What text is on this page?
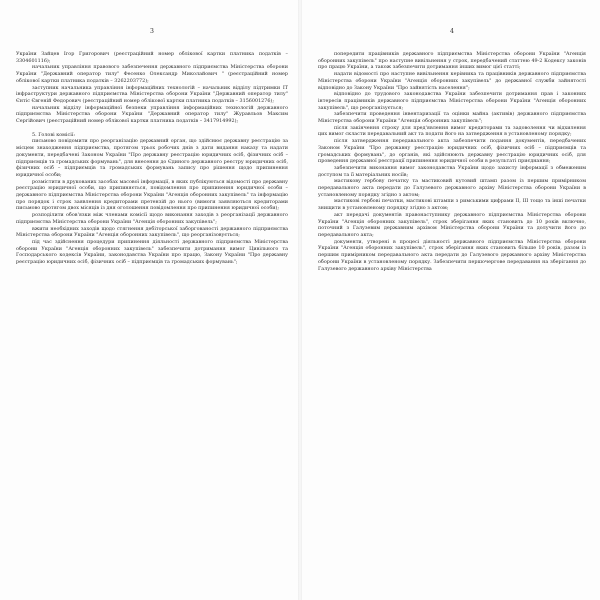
3

України Зайцев Ігор Григорович (реєстраційний номер облікової картки платника податків – 3304601116);

начальник управління правового забезпечення державного підприємства Міністерства оборони України "Державний оператор тилу" Фесенко Олександр Миколайович " (реєстраційний номер облікової картки платника податків – 3262203772);

заступник начальника управління інформаційних технологій – начальник відділу підтримки ІТ інфраструктури державного підприємства Міністерства оборони України "Державний оператор тилу" Єнтіс Євгеній Федорович (реєстраційний номер облікової картки платника податків – 3156001276);

начальник відділу інформаційної безпеки управління інформаційних технологій державного підприємства Міністерства оборони України "Державний оператор тилу" Журавльов Максим Сергійович (реєстраційний номер облікової картки платника податків – 3417914992);

5. Голові комісії:

письмово повідомити про реорганізацію державний орган, що здійснює державну реєстрацію за місцем знаходження підприємства, протягом трьох робочих днів з дати видання наказу та надати документи, передбачені Законом України "Про державну реєстрацію юридичних осіб, фізичних осіб – підприємців та громадських формувань", для внесення до Єдиного державного реєстру юридичних осіб, фізичних осіб – підприємців та громадських формувань запису про рішення щодо припинення юридичної особи;

розмістити в друкованих засобах масової інформації, в яких публікуються відомості про державну реєстрацію юридичної особи, що припиняється, повідомлення про припинення юридичної особи – державного підприємства Міністерства оборони України "Агенція оборонних закупівель" та інформацію про порядок і строк заявлення кредиторами претензій до нього (вимоги заявляються кредиторами письмово протягом двох місяців із дня оголошення повідомлення про припинення юридичної особи);

розподілити обов'язки між членами комісії щодо виконання заходів з реорганізації державного підприємства Міністерства оборони України "Агенція оборонних закупівель";

вжити необхідних заходів щодо стягнення дебіторської заборгованості державного підприємства Міністерства оборони України "Агенція оборонних закупівель", що реорганізовується;

під час здійснення процедури припинення діяльності державного підприємства Міністерства оборони України "Агенція оборонних закупівель" забезпечити дотримання вимог Цивільного та Господарського кодексів України, законодавства України про працю, Закону України "Про державну реєстрацію юридичних осіб, фізичних осіб – підприємців та громадських формувань";

4

попередити працівників державного підприємства Міністерства оборони України "Агенція оборонних закупівель" про наступне вивільнення у строк, передбачений статтею 49-2 Кодексу законів про працю України, а також забезпечити дотримання інших вимог цієї статті;

надати відомості про наступне вивільнення керівника та працівників державного підприємства Міністерства оборони України "Агенція оборонних закупівель" до державної служби зайнятості відповідно до Закону України "Про зайнятість населення";

відповідно до трудового законодавства України забезпечити дотримання прав і законних інтересів працівників державного підприємства Міністерства оборони України "Агенція оборонних закупівель", що реорганізується;

забезпечити проведення інвентаризації та оцінки майна (активів) державного підприємства Міністерства оборони України "Агенція оборонних закупівель";

після закінчення строку для пред'явлення вимог кредиторами та задоволення чи відхилення цих вимог скласти передавальний акт та подати його на затвердження в установленому порядку;

після затвердження передавального акта забезпечити подання документів, передбачених Законом України "Про державну реєстрацію юридичних осіб, фізичних осіб – підприємців та громадських формувань", до органів, які здійснюють державну реєстрацію юридичних осіб, для проведення державної реєстрації припинення юридичної особи в результаті приєднання;

забезпечити виконання вимог законодавства України щодо захисту інформації з обмеженим доступом та її матеріальних носіїв;

мастикову гербову печатку та мастиковий кутовий штамп разом із першим примірником передавального акта передати до Галузевого державного архіву Міністерства оборони України в установленому порядку згідно з актом;

мастикові гербові печатки, мастикові штампи з римськими цифрами II, III тощо та інші печатки знищити в установленому порядку згідно з актом;

акт передачі документів правонаступнику державного підприємства Міністерства оборони України "Агенція оборонних закупівель", строк зберігання яких становить до 10 років включно, поточний з Галузевим державним архівом Міністерства оборони України та долучити його до передавального акта;

документи, утворені в процесі діяльності державного підприємства Міністерства оборони України "Агенція оборонних закупівель", строк зберігання яких становить більше 10 років, разом із першим примірником передавального акта передати до Галузевого державного архіву Міністерства оборони України в установленому порядку. Забезпечити першочергове передавання на зберігання до Галузевого державного архіву Міністерства
